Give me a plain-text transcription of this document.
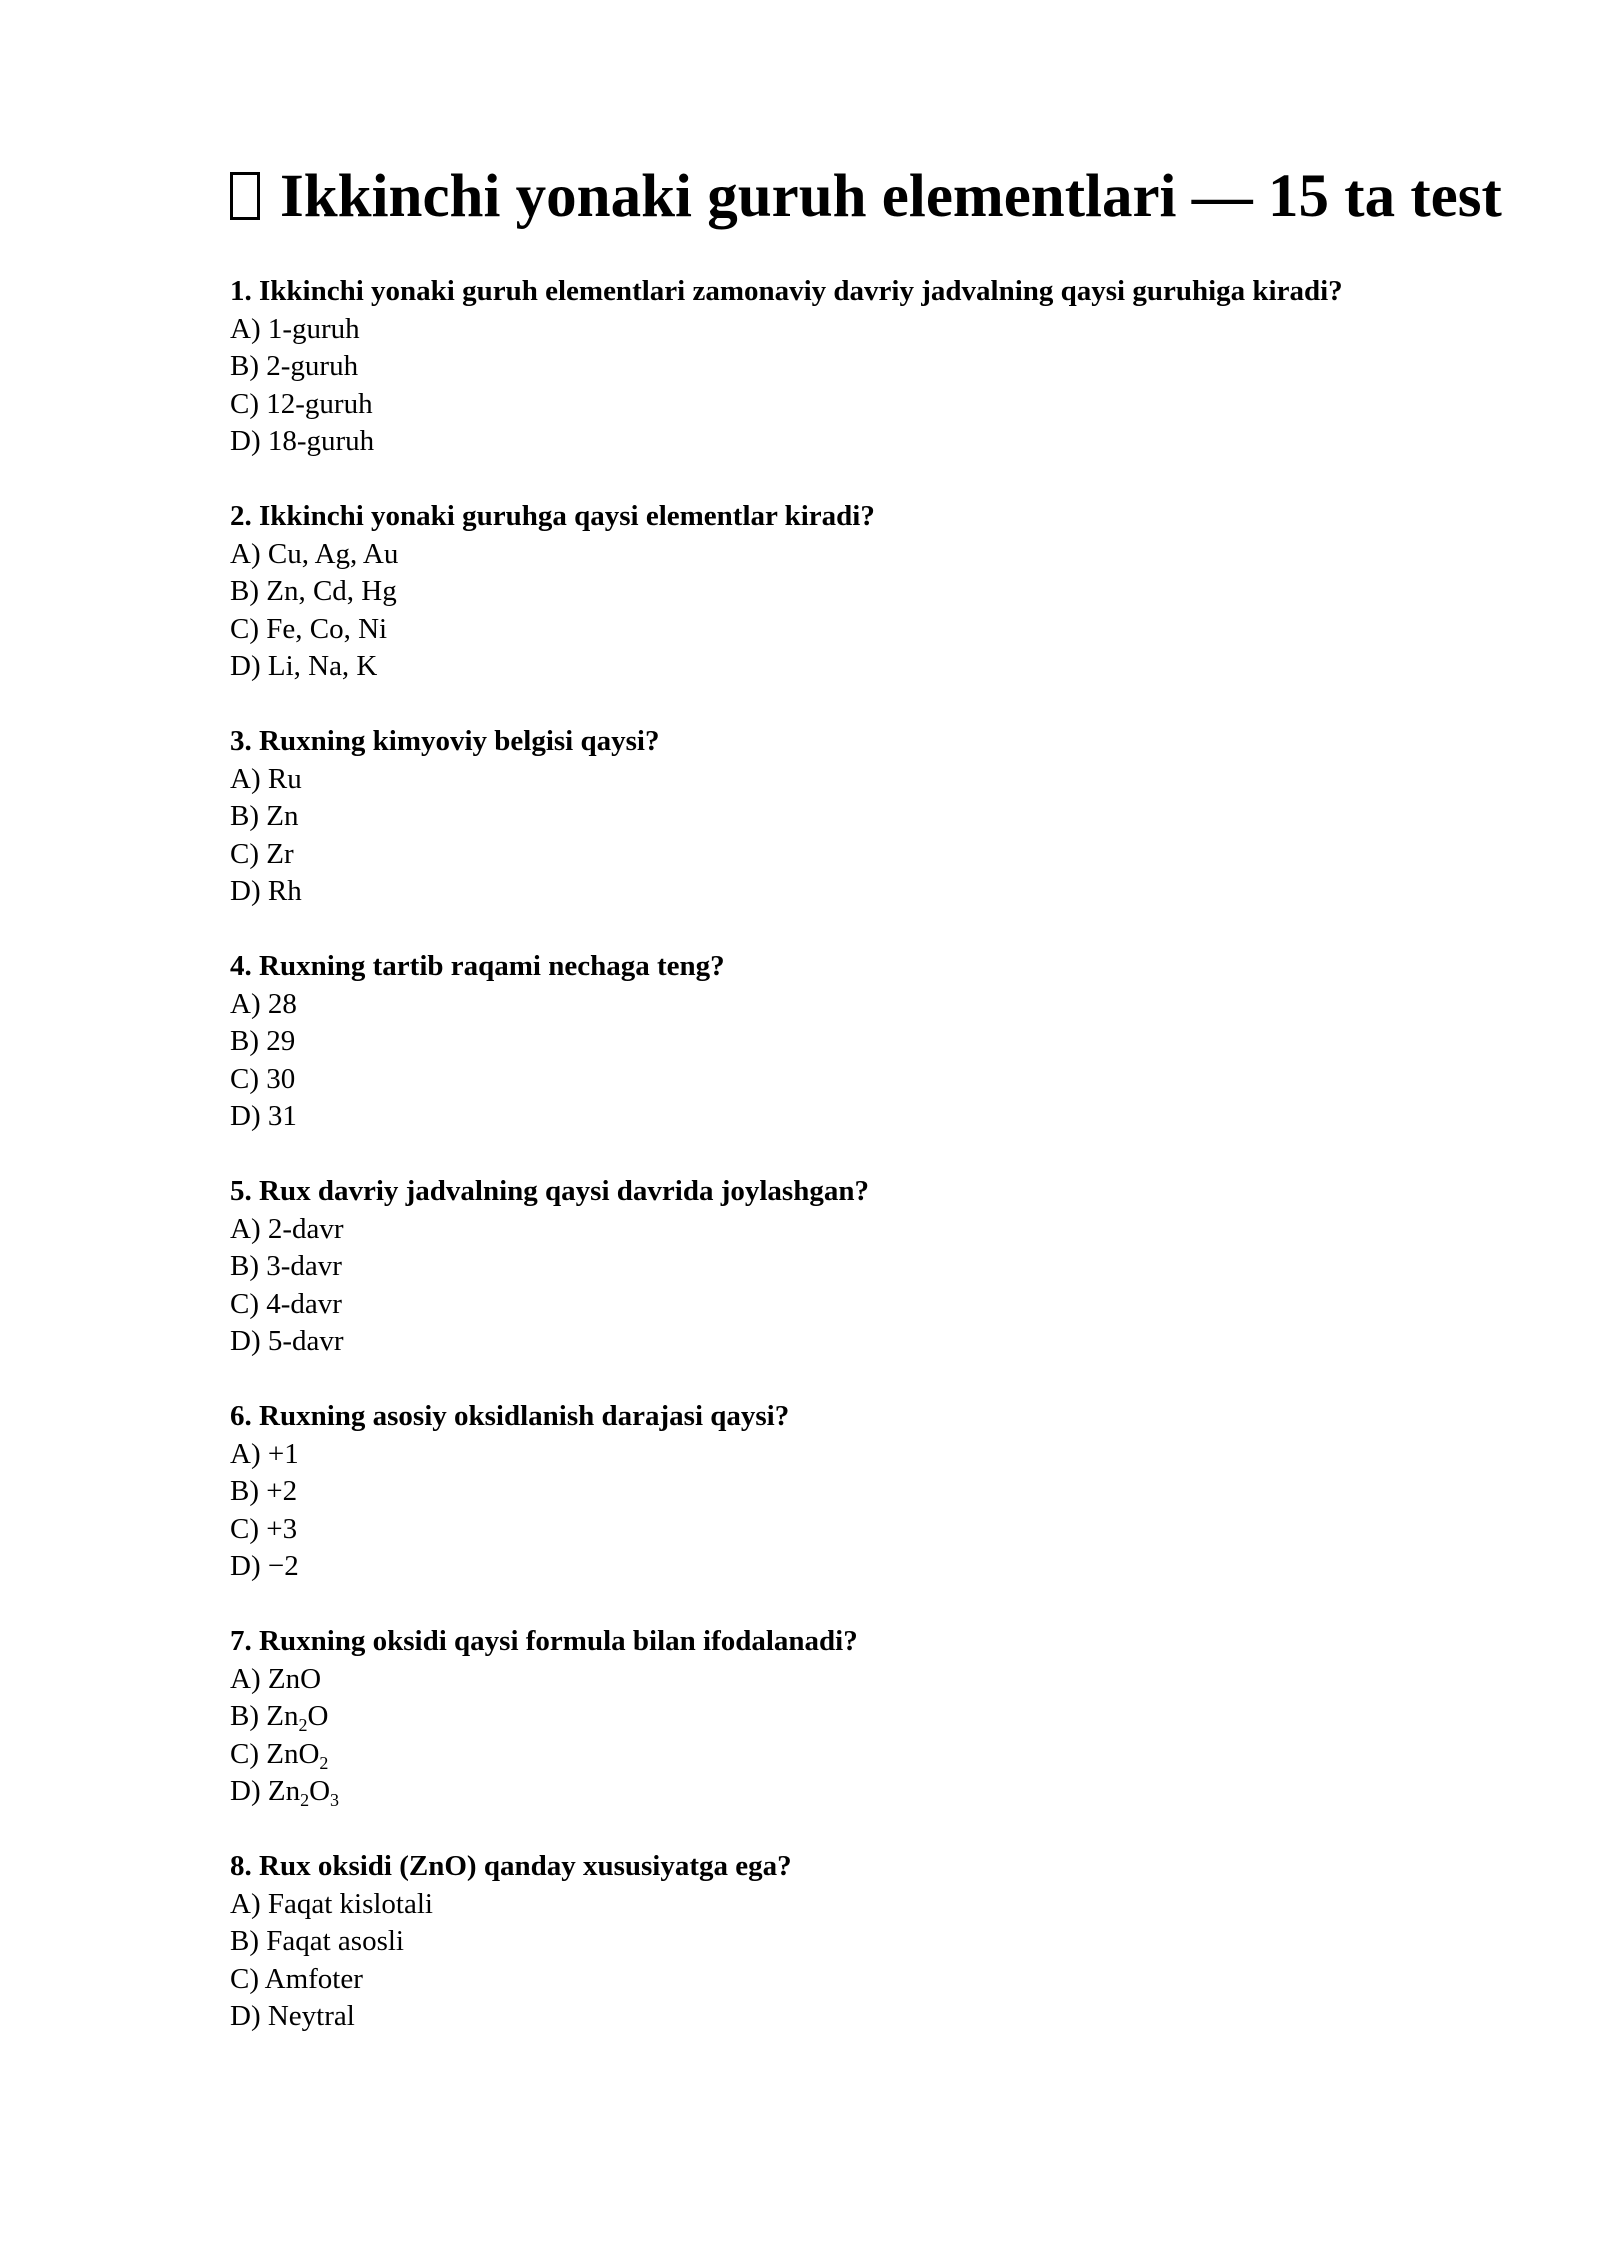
Ikkinchi yonaki guruh elementlari — 15 ta test
1. Ikkinchi yonaki guruh elementlari zamonaviy davriy jadvalning qaysi guruhiga kiradi?
A) 1-guruh
B) 2-guruh
C) 12-guruh
D) 18-guruh
2. Ikkinchi yonaki guruhga qaysi elementlar kiradi?
A) Cu, Ag, Au
B) Zn, Cd, Hg
C) Fe, Co, Ni
D) Li, Na, K
3. Ruxning kimyoviy belgisi qaysi?
A) Ru
B) Zn
C) Zr
D) Rh
4. Ruxning tartib raqami nechaga teng?
A) 28
B) 29
C) 30
D) 31
5. Rux davriy jadvalning qaysi davrida joylashgan?
A) 2-davr
B) 3-davr
C) 4-davr
D) 5-davr
6. Ruxning asosiy oksidlanish darajasi qaysi?
A) +1
B) +2
C) +3
D) −2
7. Ruxning oksidi qaysi formula bilan ifodalanadi?
A) ZnO
B) $Zn_2O$
C) ZnO$_2$
D) $Zn_2O_3$
8. Rux oksidi (ZnO) qanday xususiyatga ega?
A) Faqat kislotali
B) Faqat asosli
C) Amfoter
D) Neytral
